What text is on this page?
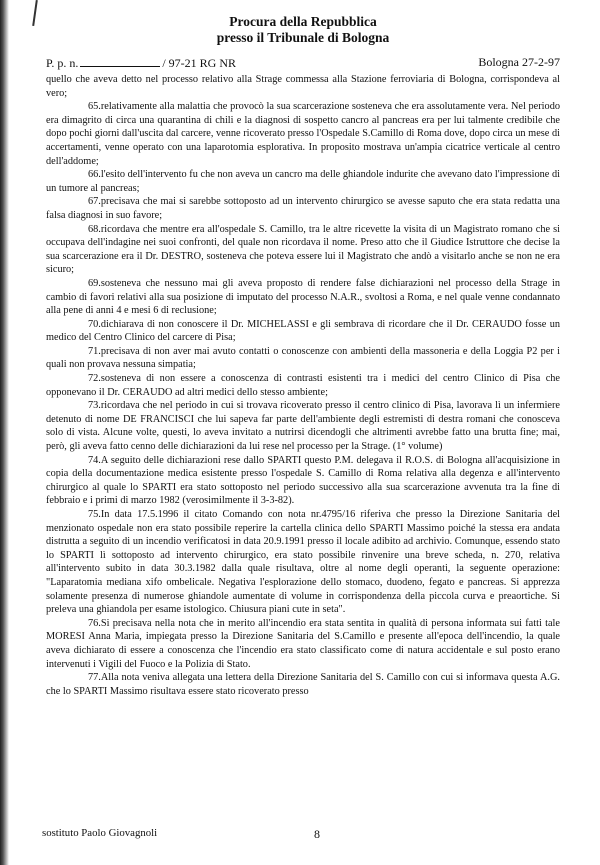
Procura della Repubblica
presso il Tribunale di Bologna
P. p. n.	/ 97-21 RG NR	Bologna 27-2-97

quello che aveva detto nel processo relativo alla Strage commessa alla Stazione ferroviaria di Bologna, corrispondeva al vero;

65.relativamente alla malattia che provocò la sua scarcerazione sosteneva che era assolutamente vera. Nel periodo era dimagrito di circa una quarantina di chili e la diagnosi di sospetto cancro al pancreas era per lui talmente credibile che dopo pochi giorni dall'uscita dal carcere, venne ricoverato presso l'Ospedale S.Camillo di Roma dove, dopo circa un mese di accertamenti, venne operato con una laparotomia esplorativa. In proposito mostrava un'ampia cicatrice verticale al centro dell'addome;

66.l'esito dell'intervento fu che non aveva un cancro ma delle ghiandole indurite che avevano dato l'impressione di un tumore al pancreas;

67.precisava che mai si sarebbe sottoposto ad un intervento chirurgico se avesse saputo che era stata redatta una falsa diagnosi in suo favore;

68.ricordava che mentre era all'ospedale S. Camillo, tra le altre ricevette la visita di un Magistrato romano che si occupava dell'indagine nei suoi confronti, del quale non ricordava il nome. Preso atto che il Giudice Istruttore che decise la sua scarcerazione era il Dr. DESTRO, sosteneva che poteva essere lui il Magistrato che andò a visitarlo anche se non ne era sicuro;

69.sosteneva che nessuno mai gli aveva proposto di rendere false dichiarazioni nel processo della Strage in cambio di favori relativi alla sua posizione di imputato del processo N.A.R., svoltosi a Roma, e nel quale venne condannato alla pene di anni 4 e mesi 6 di reclusione;

70.dichiarava di non conoscere il Dr. MICHELASSI e gli sembrava di ricordare che il Dr. CERAUDO fosse un medico del Centro Clinico del carcere di Pisa;

71.precisava di non aver mai avuto contatti o conoscenze con ambienti della massoneria e della Loggia P2 per i quali non provava nessuna simpatia;

72.sosteneva di non essere a conoscenza di contrasti esistenti tra i medici del centro Clinico di Pisa che opponevano il Dr. CERAUDO ad altri medici dello stesso ambiente;

73.ricordava che nel periodo in cui si trovava ricoverato presso il centro clinico di Pisa, lavorava lì un infermiere detenuto di nome DE FRANCISCI che lui sapeva far parte dell'ambiente degli estremisti di destra romani che conosceva solo di vista. Alcune volte, questi, lo aveva invitato a nutrirsi dicendogli che altrimenti avrebbe fatto una brutta fine; mai, però, gli aveva fatto cenno delle dichiarazioni da lui rese nel processo per la Strage. (1° volume)

74.A seguito delle dichiarazioni rese dallo SPARTI questo P.M. delegava il R.O.S. di Bologna all'acquisizione in copia della documentazione medica esistente presso l'ospedale S. Camillo di Roma relativa alla degenza e all'intervento chirurgico al quale lo SPARTI era stato sottoposto nel periodo successivo alla sua scarcerazione avvenuta tra la fine di febbraio e i primi di marzo 1982 (verosimilmente il 3-3-82).

75.In data 17.5.1996 il citato Comando con nota nr.4795/16 riferiva che presso la Direzione Sanitaria del menzionato ospedale non era stato possibile reperire la cartella clinica dello SPARTI Massimo poiché la stessa era andata distrutta a seguito di un incendio verificatosi in data 20.9.1991 presso il locale adibito ad archivio. Comunque, essendo stato lo SPARTI lì sottoposto ad intervento chirurgico, era stato possibile rinvenire una breve scheda, n. 270, relativa all'intervento subito in data 30.3.1982 dalla quale risultava, oltre al nome degli operanti, la seguente operazione: "Laparatomia mediana xifo ombelicale. Negativa l'esplorazione dello stomaco, duodeno, fegato e pancreas. Si apprezza solamente presenza di numerose ghiandole aumentate di volume in corrispondenza della piccola curva e preaortiche. Si preleva una ghiandola per esame istologico. Chiusura piani cute in seta".

76.Si precisava nella nota che in merito all'incendio era stata sentita in qualità di persona informata sui fatti tale MORESI Anna Maria, impiegata presso la Direzione Sanitaria del S.Camillo e presente all'epoca dell'incendio, la quale aveva dichiarato di essere a conoscenza che l'incendio era stato classificato come di natura accidentale e sul posto erano intervenuti i Vigili del Fuoco e la Polizia di Stato.

77.Alla nota veniva allegata una lettera della Direzione Sanitaria del S. Camillo con cui si informava questa A.G. che lo SPARTI Massimo risultava essere stato ricoverato presso

sostituto Paolo Giovagnoli	8
